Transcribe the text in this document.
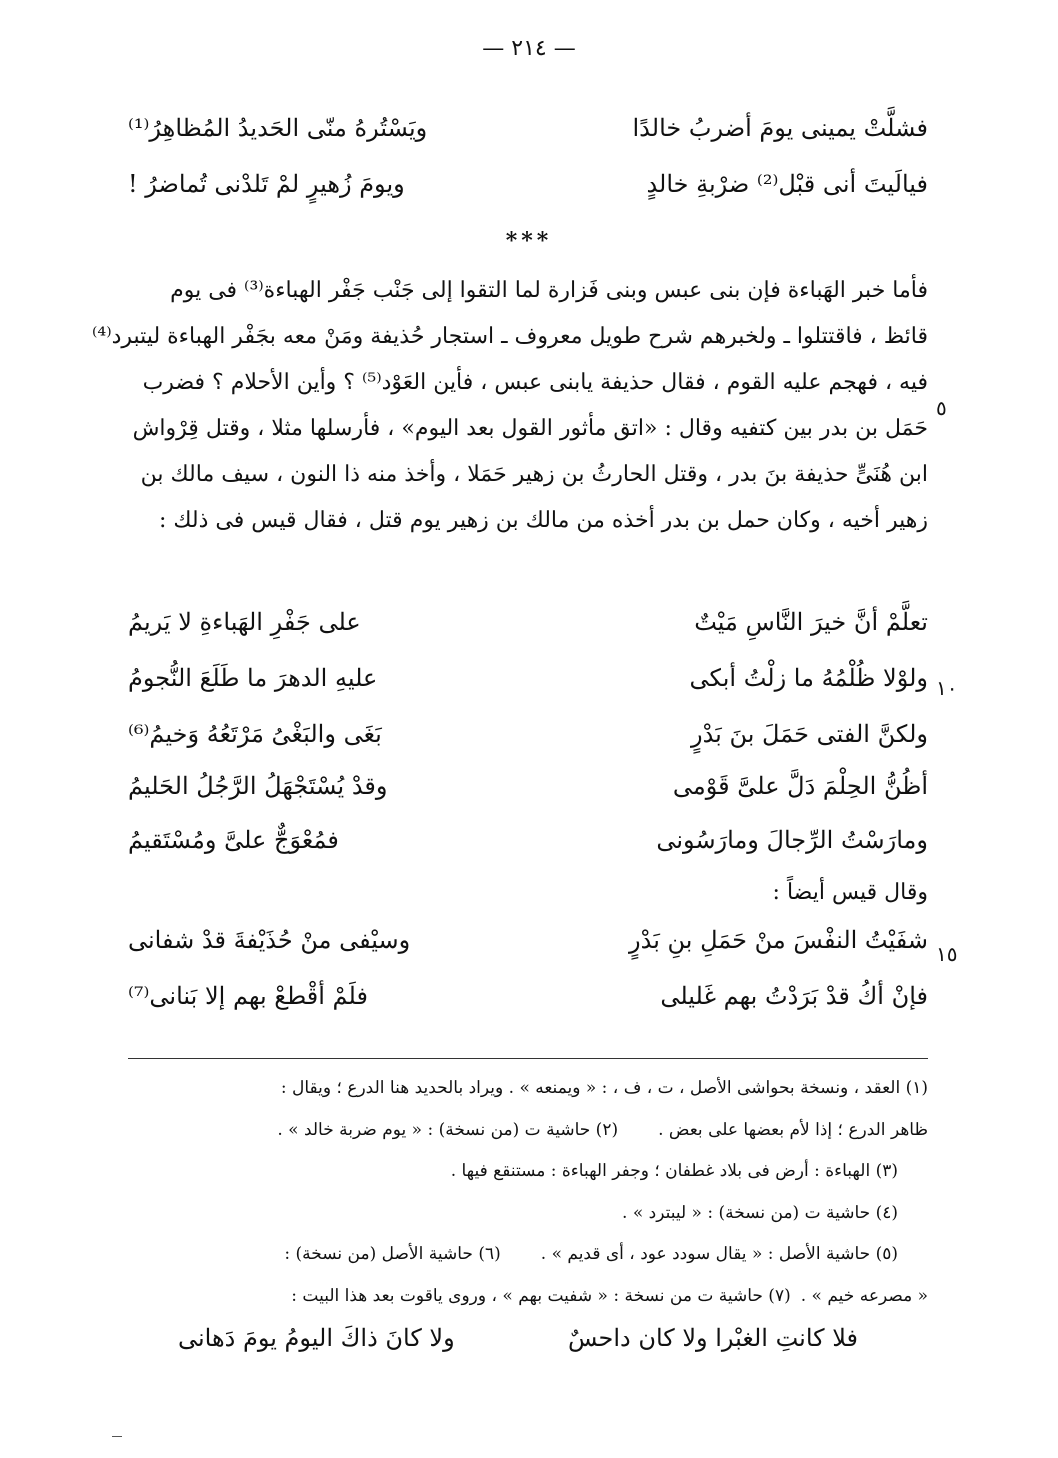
— ٢١٤ —
فشلَّتْ يمينى يومَ أضربُ خالدًا
ويَسْتُرهُ منّى الحَديدُ المُظاهِرُ⁽¹⁾
فيالَيتَ أنى قبْل⁽²⁾ ضرْبةِ خالدٍ
ويومَ زُهيرٍ لمْ تَلدْنى تُماضرُ !
***
فأما خبر الهَباءة فإن بنى عبس وبنى فَزارة لما التقوا إلى جَنْب جَفْر الهباءة⁽³⁾ فى يوم
قائظ ، فاقتتلوا ـ ولخبرهم شرح طويل معروف ـ استجار حُذيفة ومَنْ معه بجَفْر الهباءة ليتبرد⁽⁴⁾
فيه ، فهجم عليه القوم ، فقال حذيفة يابنى عبس ، فأين العَوْد⁽⁵⁾ ؟ وأين الأحلام ؟ فضرب
حَمَل بن بدر بين كتفيه وقال : «اتق مأثور القول بعد اليوم» ، فأرسلها مثلا ، وقتل قِرْواش
ابن هُنَىٍّ حذيفة بنَ بدر ، وقتل الحارثُ بن زهير حَمَلا ، وأخذ منه ذا النون ، سيف مالك بن
زهير أخيه ، وكان حمل بن بدر أخذه من مالك بن زهير يوم قتل ، فقال قيس فى ذلك :
٥
تعلَّمْ أنَّ خيرَ النَّاسِ مَيْتٌ
على جَفْرِ الهَباءةِ لا يَريمُ
ولوْلا ظُلْمُهُ ما زلْتُ أبكى
عليهِ الدهرَ ما طَلَعَ النُّجومُ
ولكنَّ الفتى حَمَلَ بنَ بَدْرٍ
بَغَى والبَغْىُ مَرْتَعُهُ وَخيمُ⁽⁶⁾
أظُنُّ الحِلْمَ دَلَّ علىَّ قَوْمى
وقدْ يُسْتَجْهَلُ الرَّجُلُ الحَليمُ
ومارَسْتُ الرِّجالَ ومارَسُونى
فمُعْوَجٌّ علىَّ ومُسْتَقيمُ
١٠
وقال قيس أيضاً :
شفَيْتُ النفْسَ منْ حَمَلِ بنِ بَدْرٍ
وسيْفى منْ حُذَيْفةَ قدْ شفانى
فإنْ أكُ قدْ بَرَدْتُ بهم غَليلى
فلَمْ أقْطعْ بهم إلا بَنانى⁽⁷⁾
١٥
(١) العقد ، ونسخة بحواشى الأصل ، ت ، ف ، : « ويمنعه » . ويراد بالحديد هنا الدرع ؛ ويقال :
ظاهر الدرع ؛ إذا لأم بعضها على بعض .(٢) حاشية ت (من نسخة) : « يوم ضربة خالد » .
(٣) الهباءة : أرض فى بلاد غطفان ؛ وجفر الهباءة : مستنقع فيها .
(٤) حاشية ت (من نسخة) : « ليبترد » .
(٥) حاشية الأصل : « يقال سودد عود ، أى قديم » .(٦) حاشية الأصل (من نسخة) :
« مصرعه خيم » .(٧) حاشية ت من نسخة : « شفيت بهم » ، وروى ياقوت بعد هذا البيت :
فلا كانتِ الغبْرا ولا كان داحسٌ
ولا كانَ ذاكَ اليومُ يومَ دَهانى
